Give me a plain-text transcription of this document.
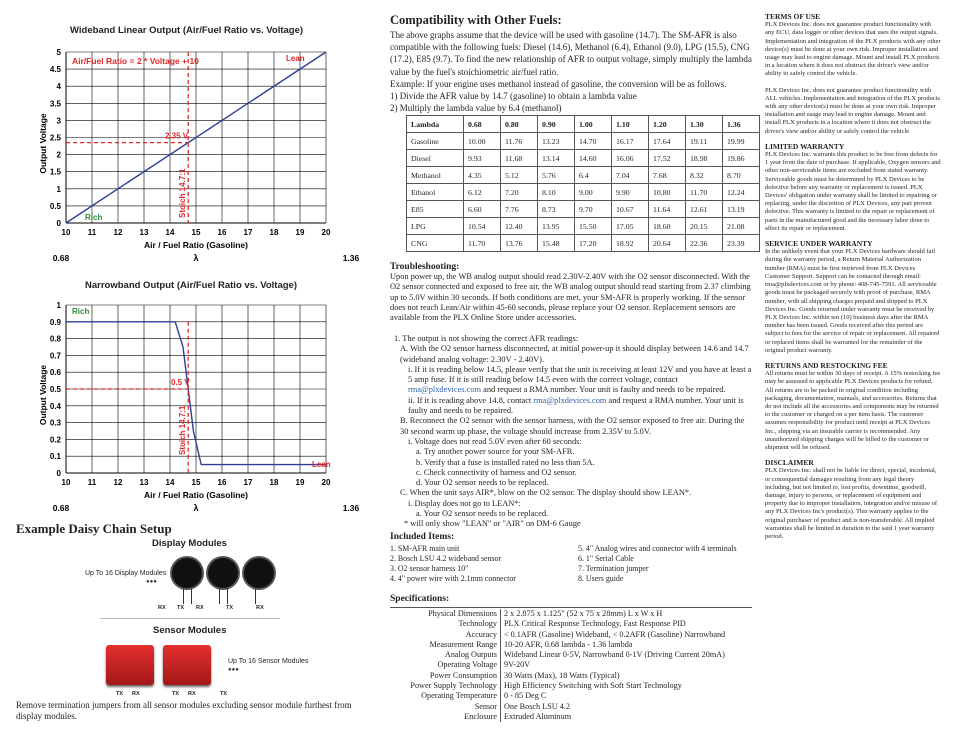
Wideband Linear Output (Air/Fuel Ratio vs. Voltage)
0
0.5
1
1.5
2
2.5
3
3.5
4
4.5
5
10 11 12 13 14 15 16 17 18 19 20
Stoich 14.7:1
2.35 V
Lean
Rich
Air/Fuel Ratio = 2 * Voltage + 10
Output Voltage
Air / Fuel Ratio (Gasoline)
0.68	λ	1.36
Narrowband Output (Air/Fuel Ratio vs. Voltage)
0
0.1
0.2
0.3
0.4
0.5
0.6
0.7
0.8
0.9
1
10 11 12 13 14 15 16 17 18 19 20
Stoich 14.7:1
0.5 V
Lean
Rich
Output Voltage
Air / Fuel Ratio (Gasoline)
0.68	λ	1.36
Example Daisy Chain Setup
Display Modules
Up To 16 Display Modules
●●●
RX TX RX	TX	RX
Sensor Modules
Up To 16 Sensor Modules
●●●
TX RX	TX RX	TX
Remove termination jumpers from all sensor modules excluding sensor module furthest from display modules.
Compatibility with Other Fuels:
The above graphs assume that the device will be used with gasoline (14.7). The SM-AFR is also compatible with the following fuels: Diesel (14.6), Methanol (6.4), Ethanol (9.0), LPG (15.5), CNG (17.2), E85 (9.7). To find the new relationship of AFR to output voltage, simply multiply the lambda value by the fuel's stoichiometric air/fuel ratio.
Example: If your engine uses methanol instead of gasoline, the conversion will be as follows.
1) Divide the AFR value by 14.7 (gasoline) to obtain a lambda value
2) Multiply the lambda value by 6.4 (methanol)
Lambda	0.68	0.80	0.90	1.00	1.10	1.20	1.30	1.36
Gasoline	10.00	11.76	13.23	14.70	16.17	17.64	19.11	19.99
Diesel	9.93	11.68	13.14	14.60	16.06	17.52	18.98	19.86
Methanol	4.35	5.12	5.76	6.4	7.04	7.68	8.32	8.70
Ethanol	6.12	7.20	8.10	9.00	9.90	10.80	11.70	12.24
E85	6.60	7.76	8.73	9.70	10.67	11.64	12.61	13.19
LPG	10.54	12.40	13.95	15.50	17.05	18.60	20.15	21.08
CNG	11.70	13.76	15.48	17.20	18.92	20.64	22.36	23.39
Troubleshooting:
Upon power up, the WB analog output should read 2.30V-2.40V with the O2 sensor disconnected. With the O2 sensor connected and exposed to free air, the WB analog output should read starting from 2.37 climbing up to 5.0V within 30 seconds. If both conditions are met, your SM-AFR is properly working. If the sensor does not reach Lean/Air within 45-60 seconds, please replace your O2 sensor. Replacement sensors are available from the PLX Online Store under accessories.
1. The output is not showing the correct AFR readings:
A. With the O2 sensor harness disconnected, at initial power-up it should display between 14.6 and 14.7 (wideband analog voltage: 2.30V - 2.40V).
i. If it is reading below 14.5, please verify that the unit is receiving at least 12V and you have at least a 5 amp fuse. If it is still reading below 14.5 even with the correct voltage, contact rma@plxdevices.com and request a RMA number. Your unit is faulty and needs to be repaired.
ii. If it is reading above 14.8, contact rma@plxdevices.com and request a RMA number. Your unit is faulty and needs to be repaired.
B. Reconnect the O2 sensor with the sensor harness, with the O2 sensor exposed to free air. During the 30 second warm up phase, the voltage should increase from 2.35V to 5.0V.
i. Voltage does not read 5.0V even after 60 seconds:
a. Try another power source for your SM-AFR.
b. Verify that a fuse is installed rated no less than 5A.
c. Check connectivity of harness and O2 sensor.
d. Your O2 sensor needs to be replaced.
C. When the unit says AIR*, blow on the O2 sensor. The display should show LEAN*.
i. Display does not go to LEAN*:
a. Your O2 sensor needs to be replaced.
* will only show "LEAN" or "AIR" on DM-6 Gauge
Included Items:
1. SM-AFR main unit
2. Bosch LSU 4.2 wideband sensor
3. O2 sensor harness 10"
4. 4" power wire with 2.1mm connector
5. 4" Analog wires and connector with 4 terminals
6. 1" Serial Cable
7. Termination jumper
8. Users guide
Specifications:
Physical Dimensions	2 x 2.875 x 1.125" (52 x 75 x 28mm) L x W x H
Technology	PLX Critical Response Technology, Fast Response PID
Accuracy	< 0.1AFR (Gasoline) Wideband, < 0.2AFR (Gasoline) Narrowband
Measurement Range	10-20 AFR, 0.68 lambda - 1.36 lambda
Analog Outputs	Wideband Linear 0-5V, Narrowband 0-1V (Driving Current 20mA)
Operating Voltage	9V-20V
Power Consumption	30 Watts (Max), 18 Watts (Typical)
Power Supply Technology	High Efficiency Switching with Soft Start Technology
Operating Temperature	0 - 85 Deg C
Sensor	One Bosch LSU 4.2
Enclosure	Extruded Aluminum
TERMS OF USE
PLX Devices Inc. does not guarantee product functionality with any ECU, data logger or other devices that uses the output signals. Implementation and integration of the PLX products with any other device(s) must be done at your own risk. Improper installation and usage may lead to engine damage. Mount and install PLX products in a location where it does not obstruct the driver's view and/or ability to safely control the vehicle.
PLX Devices Inc. does not guarantee product functionality with ALL vehicles. Implementation and integration of the PLX products with any other device(s) must be done at your own risk. Improper installation and usage may lead to engine damage. Mount and install PLX products in a location where it does not obstruct the driver's view and/or ability or safely control the vehicle
LIMITED WARRANTY
PLX Devices Inc. warrants this product to be free from defects for 1 year from the date of purchase. If applicable, Oxygen sensors and other non-serviceable items are excluded from stated warranty. Serviceable goods must be determined by PLX Devices to be defective before any warranty or replacement is issued. PLX Devices' obligation under warranty shall be limited to repairing or replacing, under the discretion of PLX Devices, any part proven defective. This warranty is limited to the repair or replacement of parts in the manufactured good and the necessary labor done to affect its repair or replacement.
SERVICE UNDER WARRANTY
In the unlikely event that your PLX Devices hardware should fail during the warranty period, a Return Material Authorization number (RMA) must be first retrieved from PLX Devices Customer Support. Support can be contacted through email: rma@plxdevices.com or by phone: 408-745-7591. All serviceable goods must be packaged securely with proof of purchase, RMA number, with all shipping charges prepaid and shipped to PLX Devices Inc. Goods returned under warranty must be received by PLX Devices Inc. within ten (10) business days after the RMA number has been issued. Goods received after this period are subject to fees for the service of repair or replacement. All repaired or replaced items shall be warranted for the remainder of the original product warranty.
RETURNS AND RESTOCKING FEE
All returns must be within 30 days of receipt. A 15% restocking fee may be assessed to applicable PLX Devices products for refund. All returns are to be packed in original condition including packaging, documentation, manuals, and accessories. Returns that do not include all the accessories and components may be returned to the customer or charged on a per item basis. The customer assumes responsibility for product until receipt at PLX Devices Inc., shipping via an insurable carrier is recommended. Any unauthorized shipping charges will be billed to the customer or shipment will be refused.
DISCLAIMER
PLX Devices Inc. shall not be liable for direct, special, incidental, or consequential damages resulting from any legal theory including, but not limited to, lost profits, downtime, goodwill, damage, injury to persons, or replacement of equipment and property due to improper installation, integration and/or misuse of any PLX Devices Inc's product(s). This warranty applies to the original purchaser of product and is non-transferable. All implied warranties shall be limited in duration to the said 1 year warranty period.
